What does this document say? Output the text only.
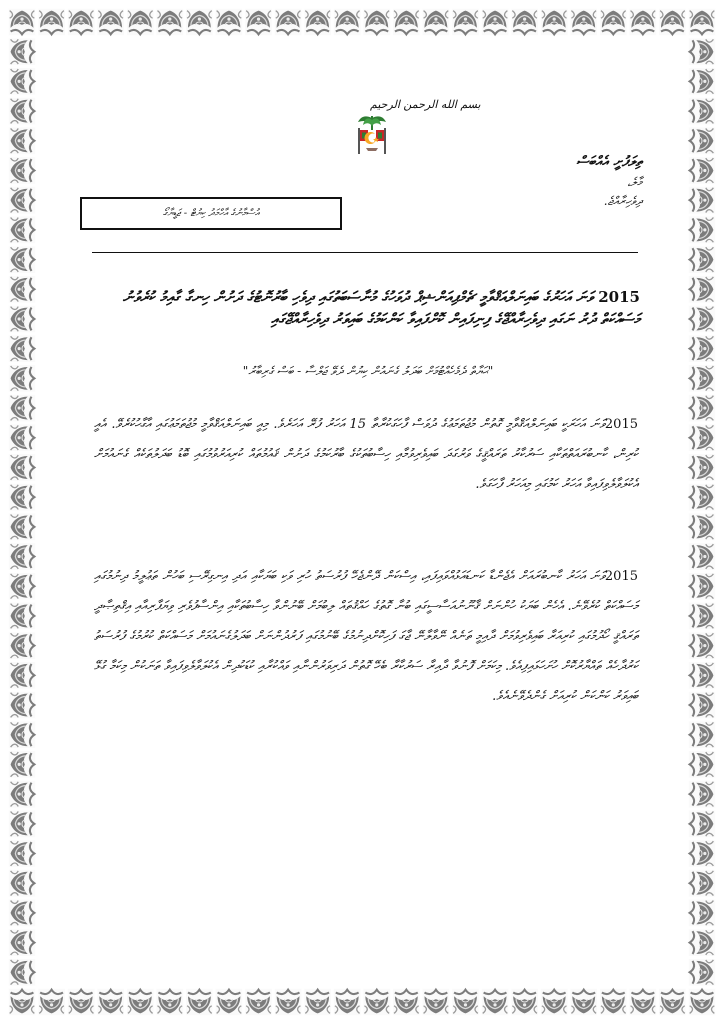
بسم الله الرحمن الرحيم
ތިލަފުށީ އެއްބަސް
މާލެ،
ދިވެހިރާއްޖެ.
އުސްމާނުގެ އާހްމަދު ކިޔުޓް - ޖަޑީޔާގޯ
2015 ވަނަ އަހަރުގެ ބައިނަލްއަޤްވާމީ ޗެމްޕިއަންޝިޕް ދުވަހުގެ މުނާސަބަތުގައި ދިވެހި ބާރުނޮޓުގެ ދަށުން ހިނގާ ގާއިމު ކުރެވުނު މަސައްކަތް ދުރު ނަގައި ދިވެހިރާއްޖޭގެ ފިނިފައިން ކޮށްފައިވާ ކަންކަމުގެ ބައިވަރު ދިވެހިރާއްޖޭގައި
"ޙަޔާތް ދެމެހެއްޓުމަށް ބަދަލު ގެނައުން ކިޔުން ދެވޭ ޖަލްސާ - ބަސް ގެރިބާރު"
2015ވަނަ އަހަރަކީ ބައިނަލްއަޤްވާމީ ގޮތުން މުޖުތަމަޢުގެ ދުވަސް ފާހަގަކުރާތާ 15 އަހަރު ފުރޭ އަހަރެވެ. މިއީ ބައިނަލްއަޤްވާމީ މުޖުތަމަޢުގައި އާގާހުކުރެވޭ. އެއީ ކުރިން، ކާނބުރައަތްތަކާއި ސަރުކާރު ތަރައްޤީގެ ވަރުގަދަ ބައިވެރިވުމާއި ހިސާބުތަކުގެ ބާރުކަމުގެ ދަށުން ޤައުމުތައް ކުރިއަރުވުމުގައި ބޮޑު ބަދަލުތަކެއް ގެނައުމަށް އެކުލަވާލެވިފައިވާ އަހަރު ކަމުގައި މިއަހަރު ފާހަގަވެ.
2015ވަނަ އަހަރު ކާނބުރައަށް އެޖެންޑާ ކަނޑައަޅުއްވައިފައި، އިސްކަން ދޭންޖެހޭ ފުރުސަތު ހުރި ވަކި ބަޔަކާއި އަދި އިނގިރޭސި ބަހުން ތަޢުލީމު ދިނުމުގައި މަސައްކަތް ކުރެވޭނެ. އެހެން ބަޔަކު ހުންނަށް ޤާނޫނުއަސާސީގައި ބުނާ ގޮތުގެ ހައްޤުތައް ލިބުމަށް ބޭނުންވާ ހިސާބުތަކާއި އިންސާފުވެރި ވިޔަފާރިއާއި އިޤްތިޞާދީ ތަރައްޤީ ހޯދުމުގައި ކުރިއަރާ ބައިވެރިވުމަށް ދާއިމީ ތަނެއް ނޭވާލާނޭ ޖާގަ ފަހިކޮށްދިނުމުގެ ބޭނުމުގައި ފަރުދުންނަށް ބަދަލުގެނައުމަށް މަސައްކަތް ކުރުމުގެ ފުރުސަތު ކަރުދާހެއް ތައްޔާރުކޮށް ހުށަހަޅައިފިއެވެ. މިކަމަށް ފޮނުވާ ދާއިރާ ސަރުކާރާ ބެހޭ ގޮތުން ދަރިވަރުންނާއި ވައްކުރާއި ކުޑަކުދިން އެކުލަވާލެވިފައިވާ ތަނަކުން މިކަމާ ގުޅޭ ބައިވަރު ކަންކަން ކުރިއަށް ގެންދެވޭނެއެވެ.
